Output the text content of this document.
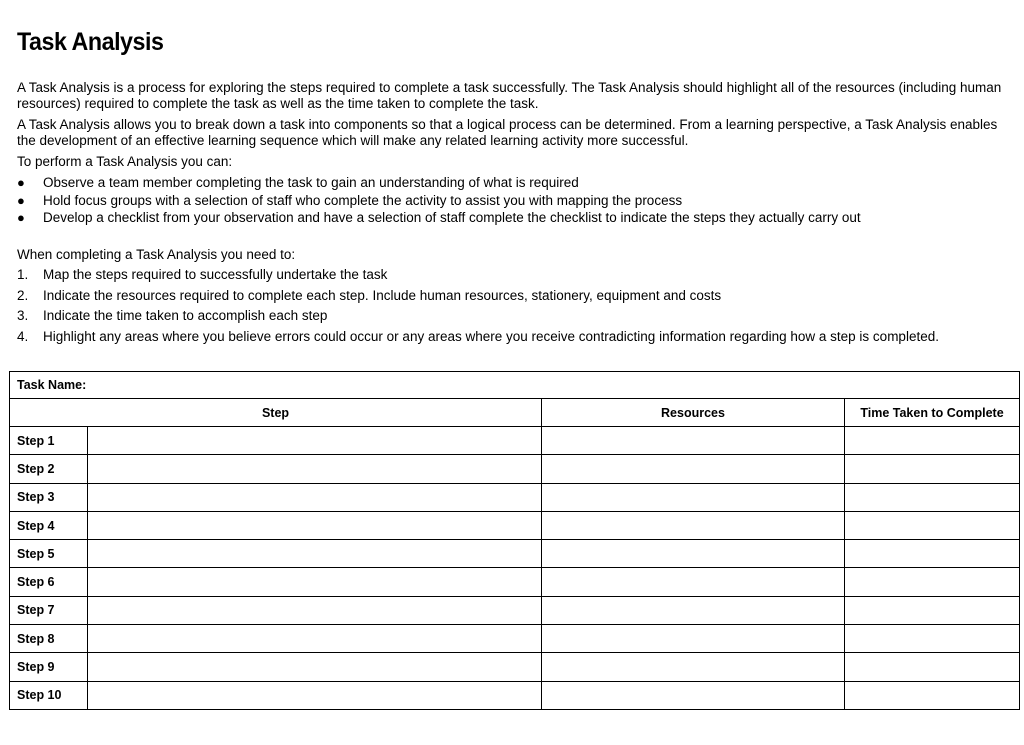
Task Analysis

A Task Analysis is a process for exploring the steps required to complete a task successfully. The Task Analysis should highlight all of the resources (including human resources) required to complete the task as well as the time taken to complete the task.

A Task Analysis allows you to break down a task into components so that a logical process can be determined. From a learning perspective, a Task Analysis enables the development of an effective learning sequence which will make any related learning activity more successful.

To perform a Task Analysis you can:

● Observe a team member completing the task to gain an understanding of what is required
● Hold focus groups with a selection of staff who complete the activity to assist you with mapping the process
● Develop a checklist from your observation and have a selection of staff complete the checklist to indicate the steps they actually carry out

When completing a Task Analysis you need to:

1. Map the steps required to successfully undertake the task
2. Indicate the resources required to complete each step. Include human resources, stationery, equipment and costs
3. Indicate the time taken to accomplish each step
4. Highlight any areas where you believe errors could occur or any areas where you receive contradicting information regarding how a step is completed.
Task Name:			
Step		Resources	Time Taken to Complete
Step 1			
Step 2			
Step 3			
Step 4			
Step 5			
Step 6			
Step 7			
Step 8			
Step 9			
Step 10			
